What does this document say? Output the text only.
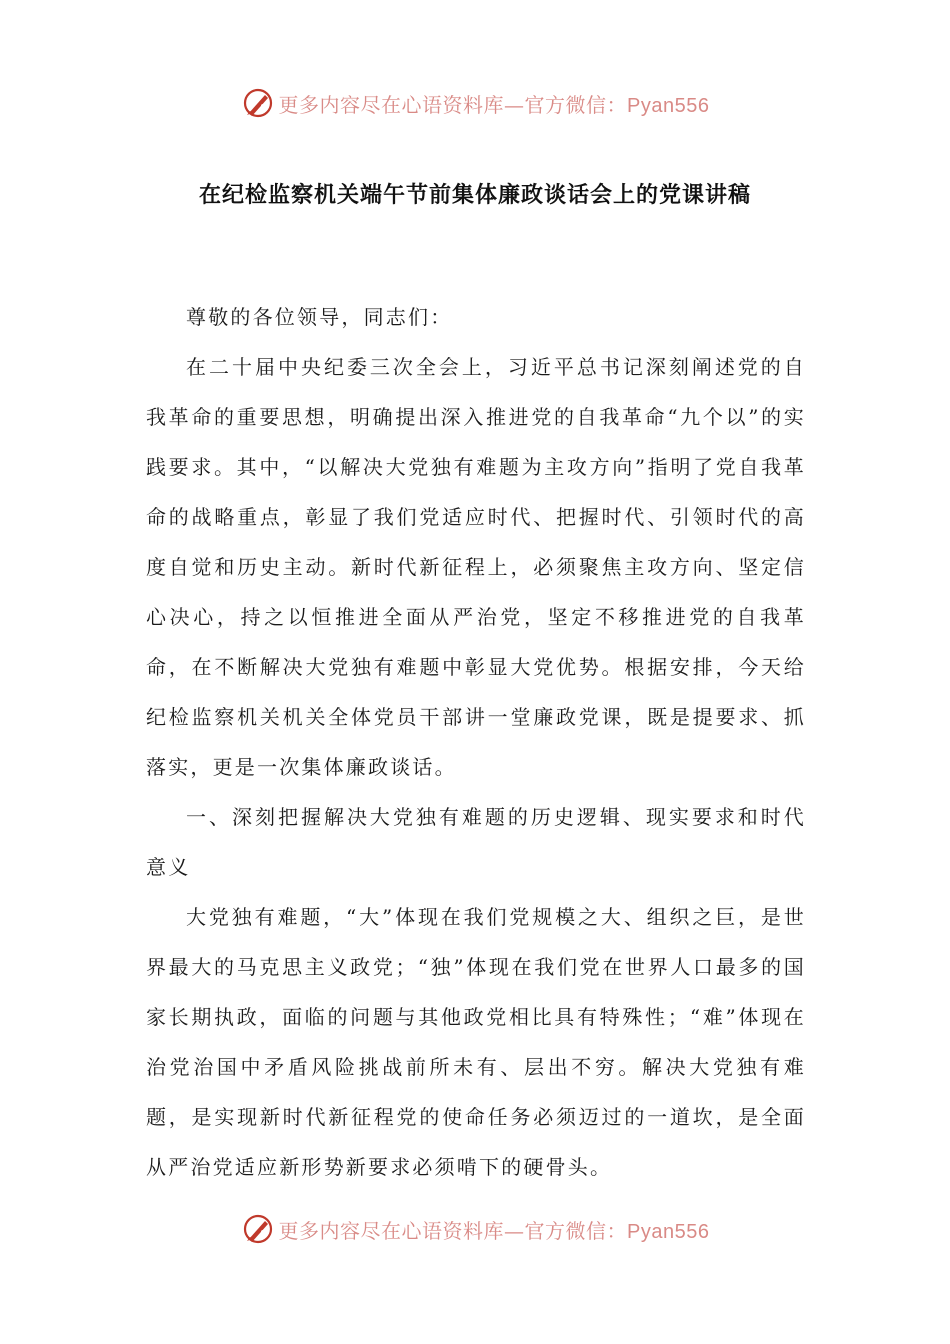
更多内容尽在心语资料库—官方微信：Pyan556
在纪检监察机关端午节前集体廉政谈话会上的党课讲稿

尊敬的各位领导，同志们：

在二十届中央纪委三次全会上，习近平总书记深刻阐述党的自我革命的重要思想，明确提出深入推进党的自我革命“九个以”的实践要求。其中，“以解决大党独有难题为主攻方向”指明了党自我革命的战略重点，彰显了我们党适应时代、把握时代、引领时代的高度自觉和历史主动。新时代新征程上，必须聚焦主攻方向、坚定信心决心，持之以恒推进全面从严治党，坚定不移推进党的自我革命，在不断解决大党独有难题中彰显大党优势。根据安排，今天给纪检监察机关机关全体党员干部讲一堂廉政党课，既是提要求、抓落实，更是一次集体廉政谈话。

一、深刻把握解决大党独有难题的历史逻辑、现实要求和时代意义

大党独有难题，“大”体现在我们党规模之大、组织之巨，是世界最大的马克思主义政党；“独”体现在我们党在世界人口最多的国家长期执政，面临的问题与其他政党相比具有特殊性；“难”体现在治党治国中矛盾风险挑战前所未有、层出不穷。解决大党独有难题，是实现新时代新征程党的使命任务必须迈过的一道坎，是全面从严治党适应新形势新要求必须啃下的硬骨头。

更多内容尽在心语资料库—官方微信：Pyan556
